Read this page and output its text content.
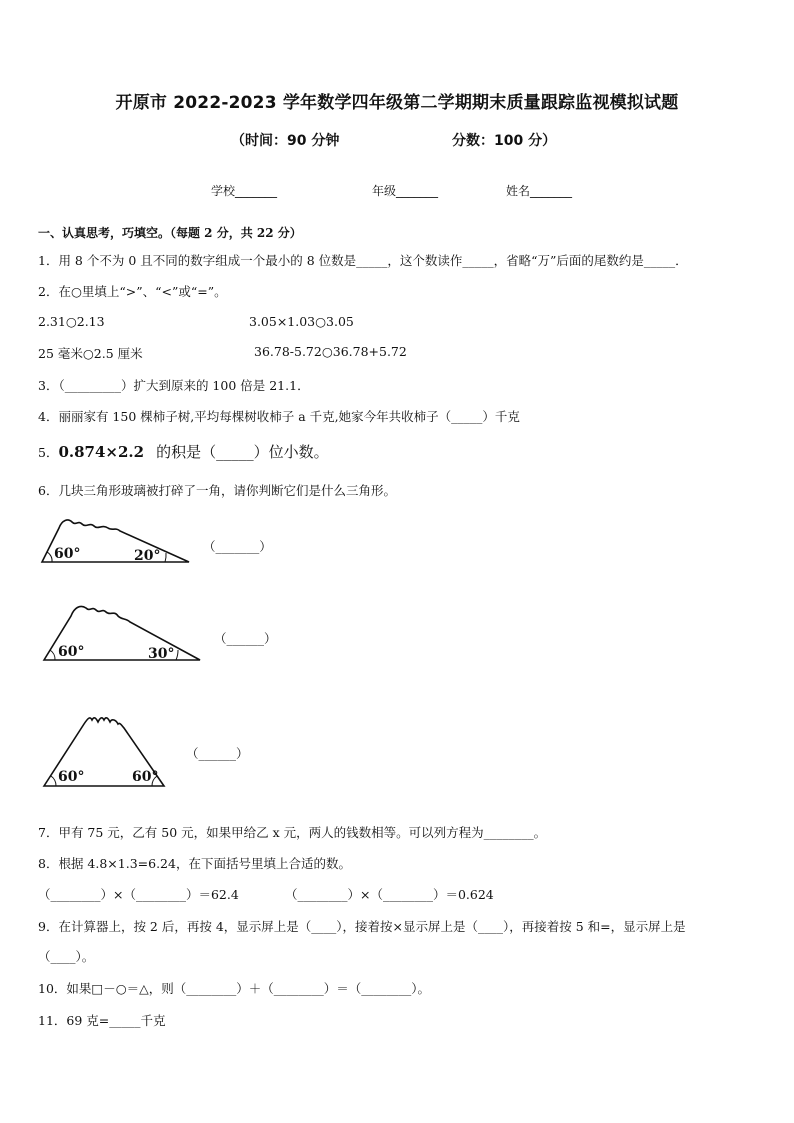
开原市 2022-2023 学年数学四年级第二学期期末质量跟踪监视模拟试题
（时间：90 分钟	分数：100 分）
学校_______	年级_______	姓名_______
一、认真思考，巧填空。（每题 2 分，共 22 分）
1．用 8 个不为 0 且不同的数字组成一个最小的 8 位数是_____，这个数读作_____，省略“万”后面的尾数约是_____．
2．在○里填上“>”、“<”或“=”。
2.31○2.13	3.05×1.03○3.05
25 毫米○2.5 厘米	36.78-5.72○36.78+5.72
3．（_________）扩大到原来的 100 倍是 21.1．
4．丽丽家有 150 棵柿子树,平均每棵树收柿子 a 千克,她家今年共收柿子（_____）千克
5．0.874×2.2 的积是（_____）位小数。
6．几块三角形玻璃被打碎了一角，请你判断它们是什么三角形。
60°	20°
（_______）
60°	30°
（______）
60°	60°
（______）
7．甲有 75 元，乙有 50 元，如果甲给乙 x 元，两人的钱数相等。可以列方程为________。
8．根据 4.8×1.3=6.24，在下面括号里填上合适的数。
（________）×（________）＝62.4	（________）×（________）＝0.624
9．在计算器上，按 2 后，再按 4，显示屏上是（____），接着按×显示屏上是（____），再接着按 5 和=，显示屏上是
（____）。
10．如果□－○＝△，则（________）＋（________）＝（________）。
11．69 克=_____千克
